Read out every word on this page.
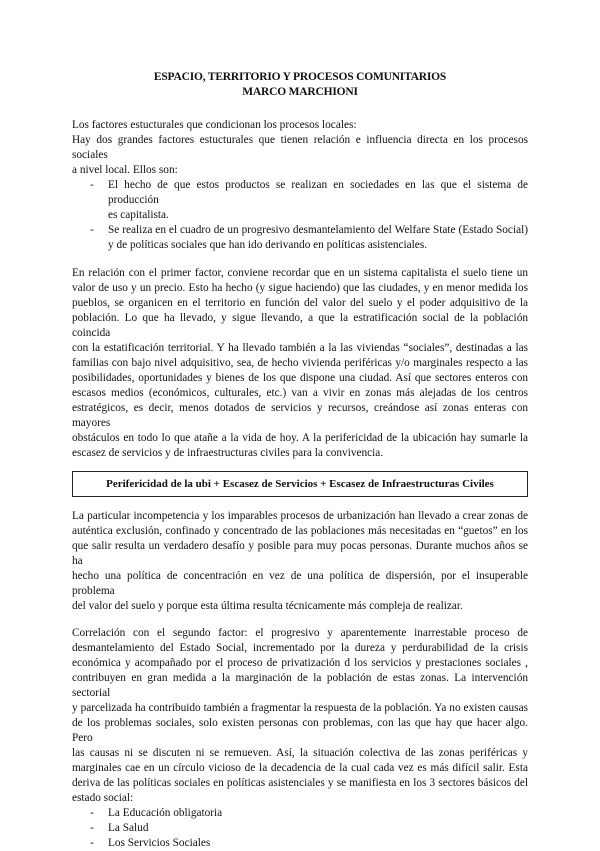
ESPACIO, TERRITORIO Y PROCESOS COMUNITARIOS
MARCO MARCHIONI
Los factores estucturales que condicionan los procesos locales:
Hay dos grandes factores estucturales que tienen relación e influencia directa en los procesos sociales
a nivel local. Ellos son:
-	El hecho de que estos productos se realizan en sociedades en las que el sistema de producción
es capitalista.
-	Se realiza en el cuadro de un progresivo desmantelamiento del Welfare State (Estado Social)
y de políticas sociales que han ido derivando en políticas asistenciales.
En relación con el primer factor, conviene recordar que en un sistema capitalista el suelo tiene un
valor de uso y un precio. Esto ha hecho (y sigue haciendo) que las ciudades, y en menor medida los
pueblos, se organicen en el territorio en función del valor del suelo y el poder adquisitivo de la
población. Lo que ha llevado, y sigue llevando, a que la estratificación social de la población coincida
con la estatificación territorial. Y ha llevado también a la las viviendas “sociales”, destinadas a las
familias con bajo nivel adquisitivo, sea, de hecho vivienda periféricas y/o marginales respecto a las
posibilidades, oportunidades y bienes de los que dispone una ciudad. Así que sectores enteros con
escasos medios (económicos, culturales, etc.) van a vivir en zonas más alejadas de los centros
estratégicos, es decir, menos dotados de servicios y recursos, creándose así zonas enteras con mayores
obstáculos en todo lo que atañe a la vida de hoy. A la perifericidad de la ubicación hay sumarle la
escasez de servicios y de infraestructuras civiles para la convivencia.
Perifericidad de la ubi + Escasez de Servicios + Escasez de Infraestructuras Civiles
La particular incompetencia y los imparables procesos de urbanización han llevado a crear zonas de
auténtica exclusión, confinado y concentrado de las poblaciones más necesitadas en “guetos” en los
que salir resulta un verdadero desafío y posible para muy pocas personas. Durante muchos años se ha
hecho una política de concentración en vez de una política de dispersión, por el insuperable problema
del valor del suelo y porque esta última resulta técnicamente más compleja de realizar.
Correlación con el segundo factor: el progresivo y aparentemente inarrestable proceso de
desmantelamiento del Estado Social, incrementado por la dureza y perdurabilidad de la crisis
económica y acompañado por el proceso de privatización d los servicios y prestaciones sociales ,
contribuyen en gran medida a la marginación de la población de estas zonas. La intervención sectorial
y parcelizada ha contribuido también a fragmentar la respuesta de la población. Ya no existen causas
de los problemas sociales, solo existen personas con problemas, con las que hay que hacer algo. Pero
las causas ni se discuten ni se remueven. Así, la situación colectiva de las zonas periféricas y
marginales cae en un círculo vicioso de la decadencia de la cual cada vez es más difícil salir. Esta
deriva de las políticas sociales en políticas asistenciales y se manifiesta en los 3 sectores básicos del
estado social:
-	La Educación obligatoria
-	La Salud
-	Los Servicios Sociales
